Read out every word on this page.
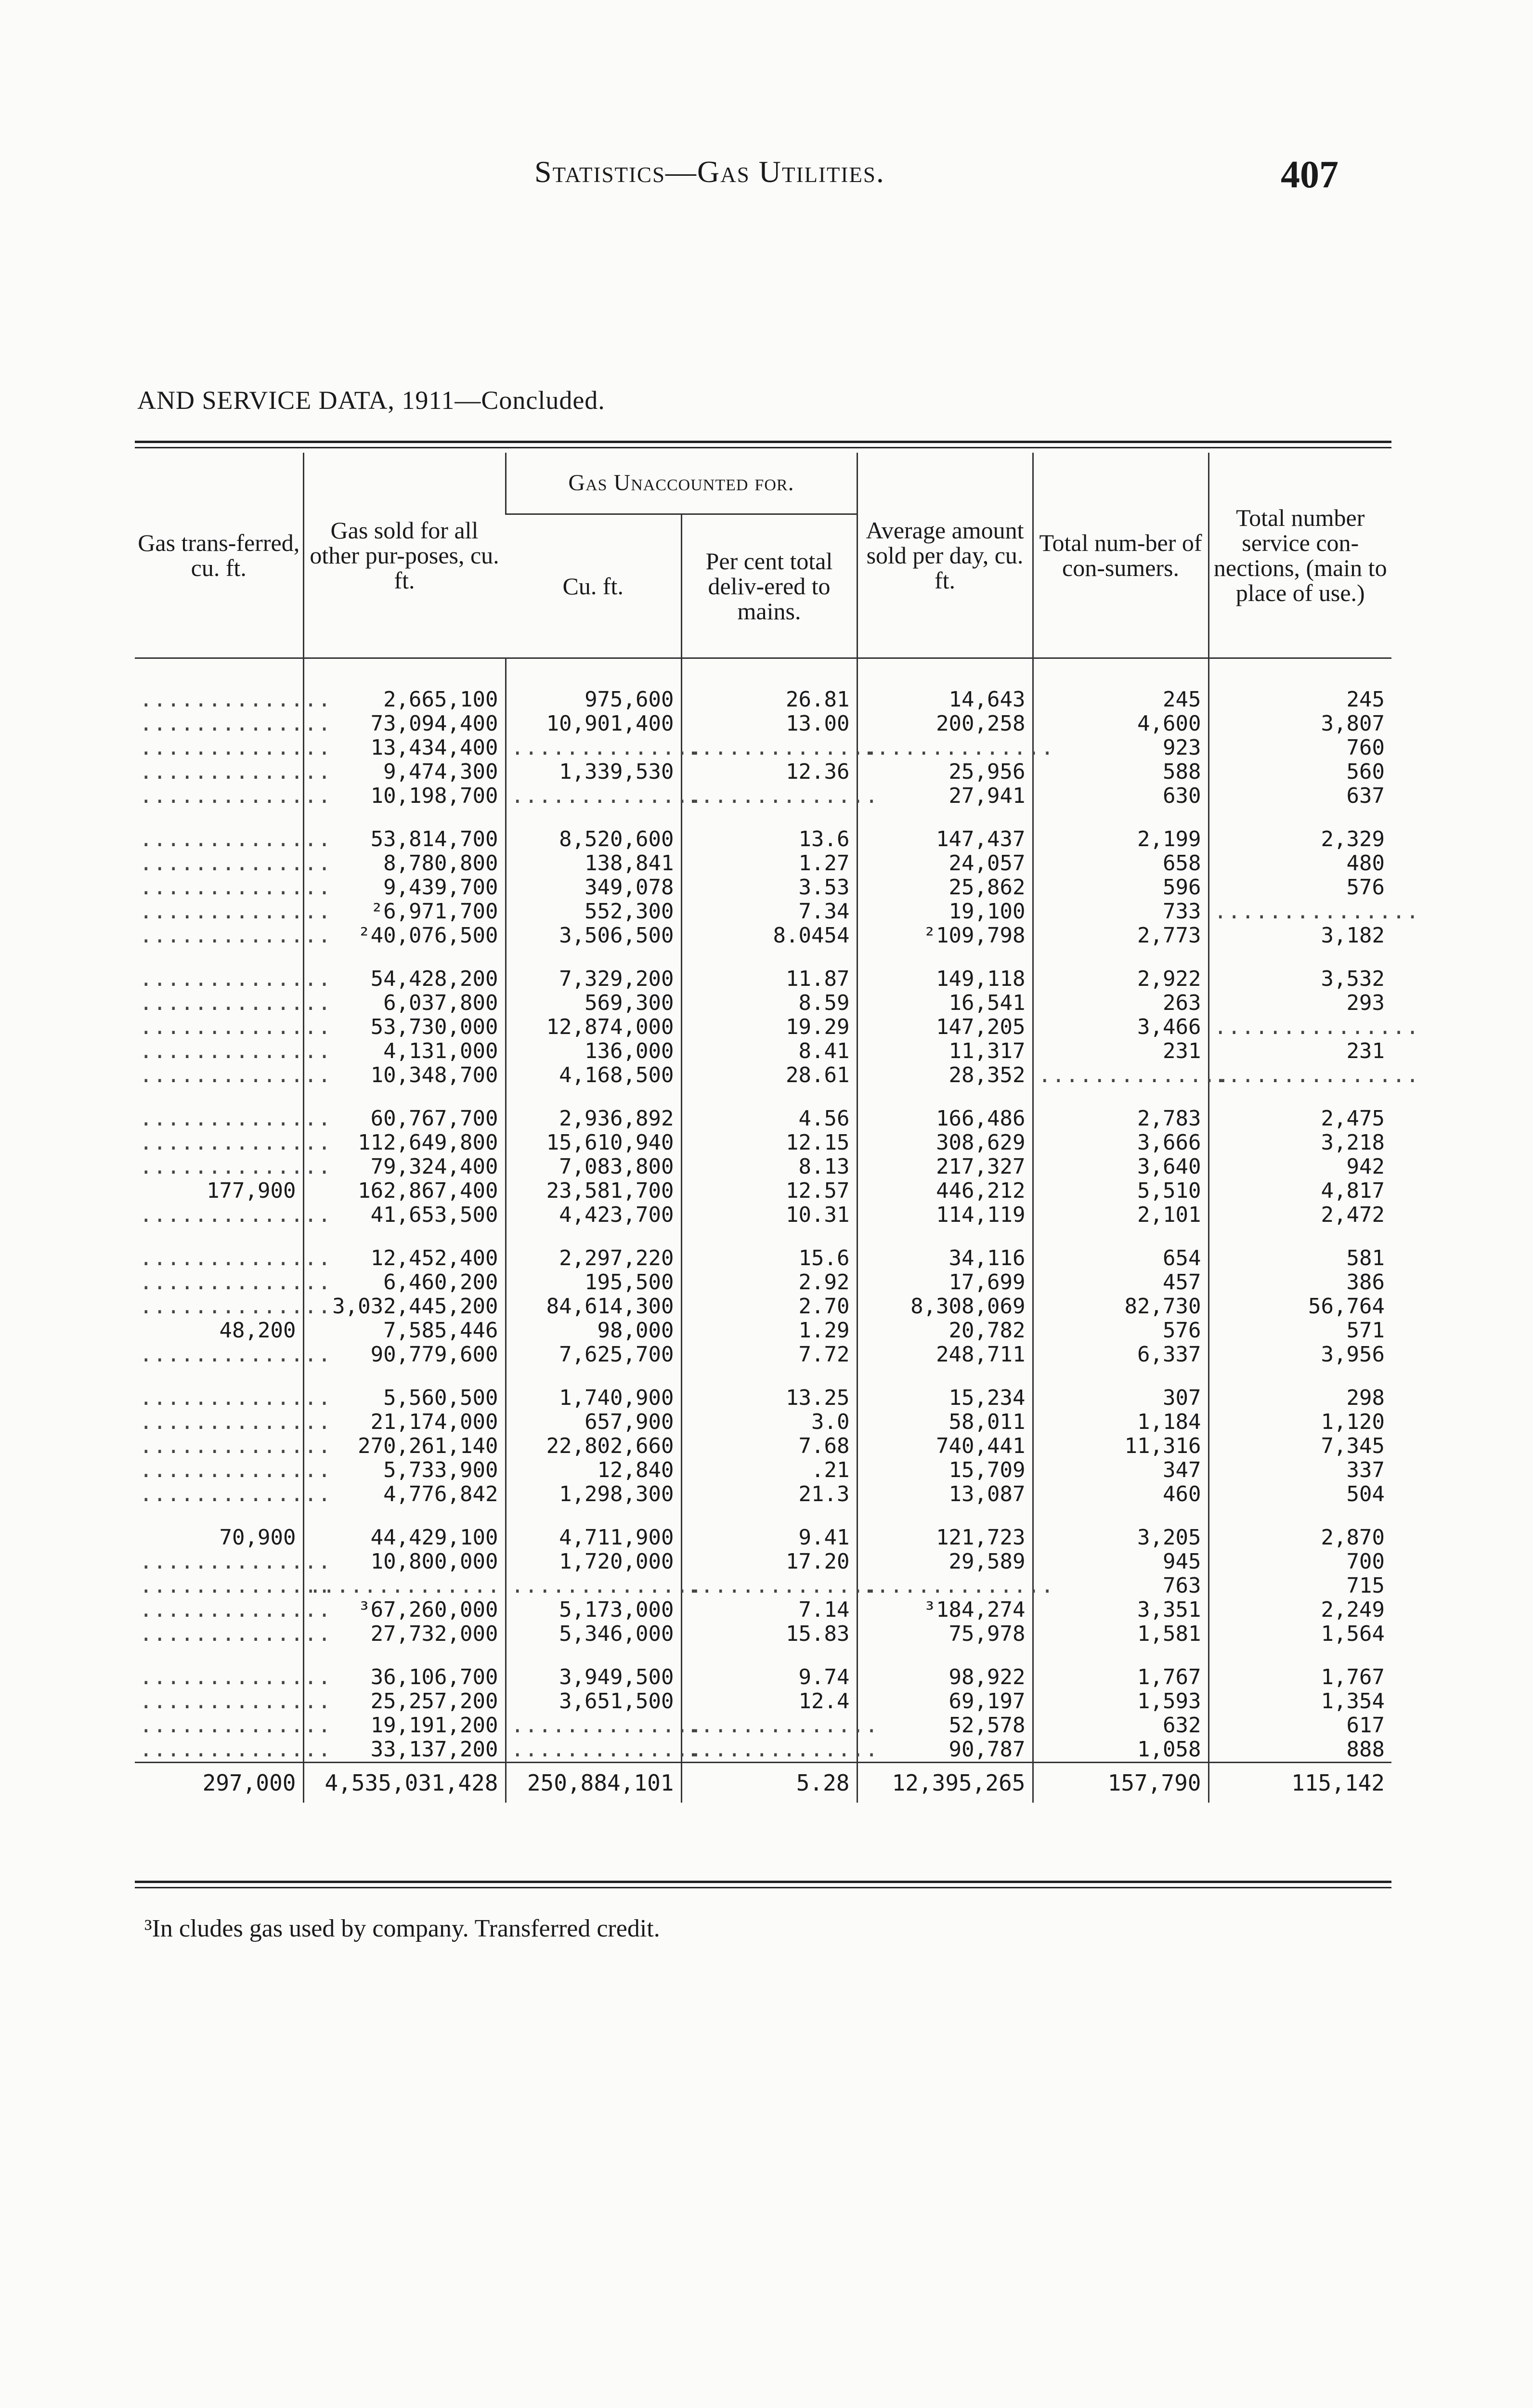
Statistics—Gas Utilities.	407
AND SERVICE DATA, 1911—Concluded.
Gas trans-ferred, cu. ft.	Gas sold for all other pur-poses, cu. ft.	Gas Unaccounted for.		Average amount sold per day, cu. ft.	Total num-ber of con-sumers.	Total number service con-nections, (main to place of use.)
		Cu. ft.	Per cent total deliv-ered to mains.			
..............	2,665,100	975,600	26.81	14,643	245	245
..............	73,094,400	10,901,400	13.00	200,258	4,600	3,807
..............	13,434,400	..............	..............	..............	923	760
..............	9,474,300	1,339,530	12.36	25,956	588	560
..............	10,198,700	..............	..............	27,941	630	637
..............	53,814,700	8,520,600	13.6	147,437	2,199	2,329
..............	8,780,800	138,841	1.27	24,057	658	480
..............	9,439,700	349,078	3.53	25,862	596	576
..............	²6,971,700	552,300	7.34	19,100	733	...............
..............	²40,076,500	3,506,500	8.0454	²109,798	2,773	3,182
..............	54,428,200	7,329,200	11.87	149,118	2,922	3,532
..............	6,037,800	569,300	8.59	16,541	263	293
..............	53,730,000	12,874,000	19.29	147,205	3,466	...............
..............	4,131,000	136,000	8.41	11,317	231	231
..............	10,348,700	4,168,500	28.61	28,352	..............	...............
..............	60,767,700	2,936,892	4.56	166,486	2,783	2,475
..............	112,649,800	15,610,940	12.15	308,629	3,666	3,218
..............	79,324,400	7,083,800	8.13	217,327	3,640	942
177,900	162,867,400	23,581,700	12.57	446,212	5,510	4,817
..............	41,653,500	4,423,700	10.31	114,119	2,101	2,472
..............	12,452,400	2,297,220	15.6	34,116	654	581
..............	6,460,200	195,500	2.92	17,699	457	386
..............	3,032,445,200	84,614,300	2.70	8,308,069	82,730	56,764
48,200	7,585,446	98,000	1.29	20,782	576	571
..............	90,779,600	7,625,700	7.72	248,711	6,337	3,956
..............	5,560,500	1,740,900	13.25	15,234	307	298
..............	21,174,000	657,900	3.0	58,011	1,184	1,120
..............	270,261,140	22,802,660	7.68	740,441	11,316	7,345
..............	5,733,900	12,840	.21	15,709	347	337
..............	4,776,842	1,298,300	21.3	13,087	460	504
70,900	44,429,100	4,711,900	9.41	121,723	3,205	2,870
..............	10,800,000	1,720,000	17.20	29,589	945	700
..............	..............	..............	..............	..............	763	715
..............	³67,260,000	5,173,000	7.14	³184,274	3,351	2,249
..............	27,732,000	5,346,000	15.83	75,978	1,581	1,564
..............	36,106,700	3,949,500	9.74	98,922	1,767	1,767
..............	25,257,200	3,651,500	12.4	69,197	1,593	1,354
..............	19,191,200	..............	..............	52,578	632	617
..............	33,137,200	..............	..............	90,787	1,058	888
297,000	4,535,031,428	250,884,101	5.28	12,395,265	157,790	115,142
³In cludes gas used by company. Transferred credit.
